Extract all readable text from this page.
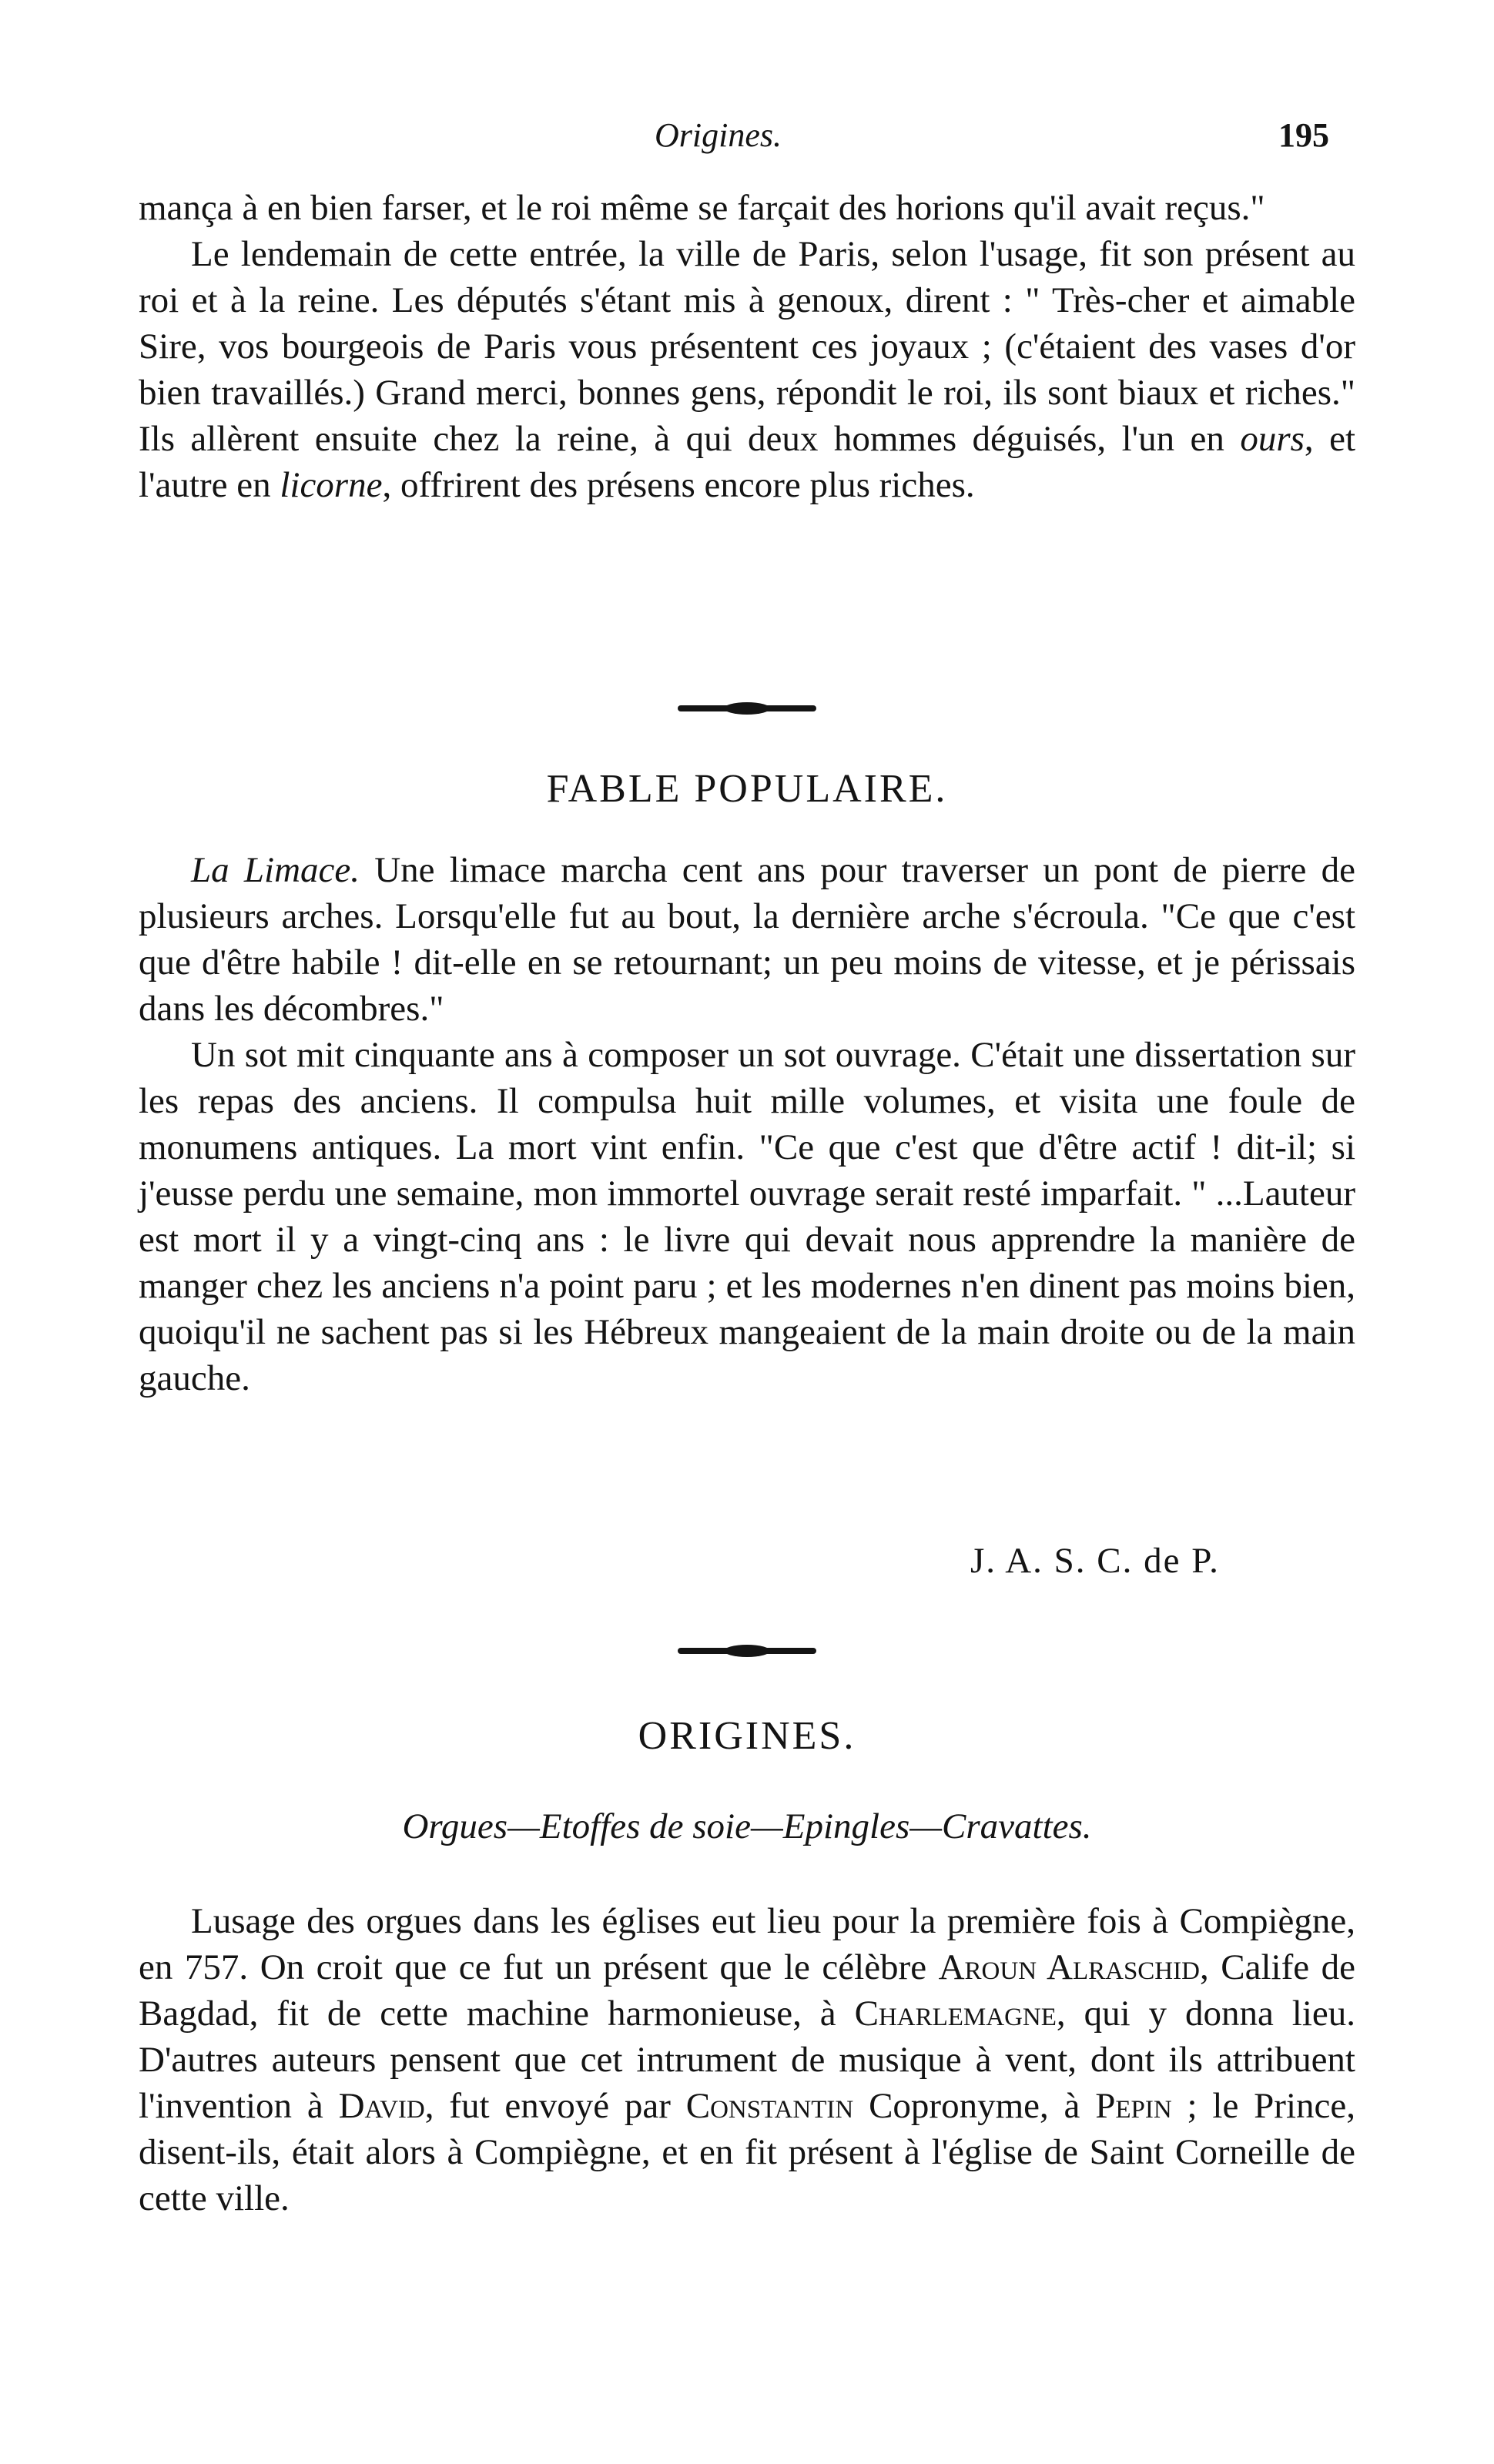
Origines.	195

mança à en bien farser, et le roi même se farçait des horions qu'il avait reçus."

Le lendemain de cette entrée, la ville de Paris, selon l'usage, fit son présent au roi et à la reine. Les députés s'étant mis à genoux, dirent : " Très-cher et aimable Sire, vos bourgeois de Paris vous présentent ces joyaux ; (c'étaient des vases d'or bien travaillés.) Grand merci, bonnes gens, répondit le roi, ils sont biaux et riches." Ils allèrent ensuite chez la reine, à qui deux hommes déguisés, l'un en ours, et l'autre en licorne, offrirent des présens encore plus riches.

FABLE POPULAIRE.

La Limace. Une limace marcha cent ans pour traverser un pont de pierre de plusieurs arches. Lorsqu'elle fut au bout, la dernière arche s'écroula. "Ce que c'est que d'être habile ! dit-elle en se retournant; un peu moins de vitesse, et je périssais dans les décombres."

Un sot mit cinquante ans à composer un sot ouvrage. C'était une dissertation sur les repas des anciens. Il compulsa huit mille volumes, et visita une foule de monumens antiques. La mort vint enfin. "Ce que c'est que d'être actif ! dit-il; si j'eusse perdu une semaine, mon immortel ouvrage serait resté imparfait. " ...Lauteur est mort il y a vingt-cinq ans : le livre qui devait nous apprendre la manière de manger chez les anciens n'a point paru ; et les modernes n'en dinent pas moins bien, quoiqu'il ne sachent pas si les Hébreux mangeaient de la main droite ou de la main gauche.

J. A. S. C. de P.
ORIGINES.
Orgues—Etoffes de soie—Epingles—Cravattes.

Lusage des orgues dans les églises eut lieu pour la première fois à Compiègne, en 757. On croit que ce fut un présent que le célèbre Aroun Alraschid, Calife de Bagdad, fit de cette machine harmonieuse, à Charlemagne, qui y donna lieu. D'autres auteurs pensent que cet intrument de musique à vent, dont ils attribuent l'invention à David, fut envoyé par Constantin Copronyme, à Pepin ; le Prince, disent-ils, était alors à Compiègne, et en fit présent à l'église de Saint Corneille de cette ville.
